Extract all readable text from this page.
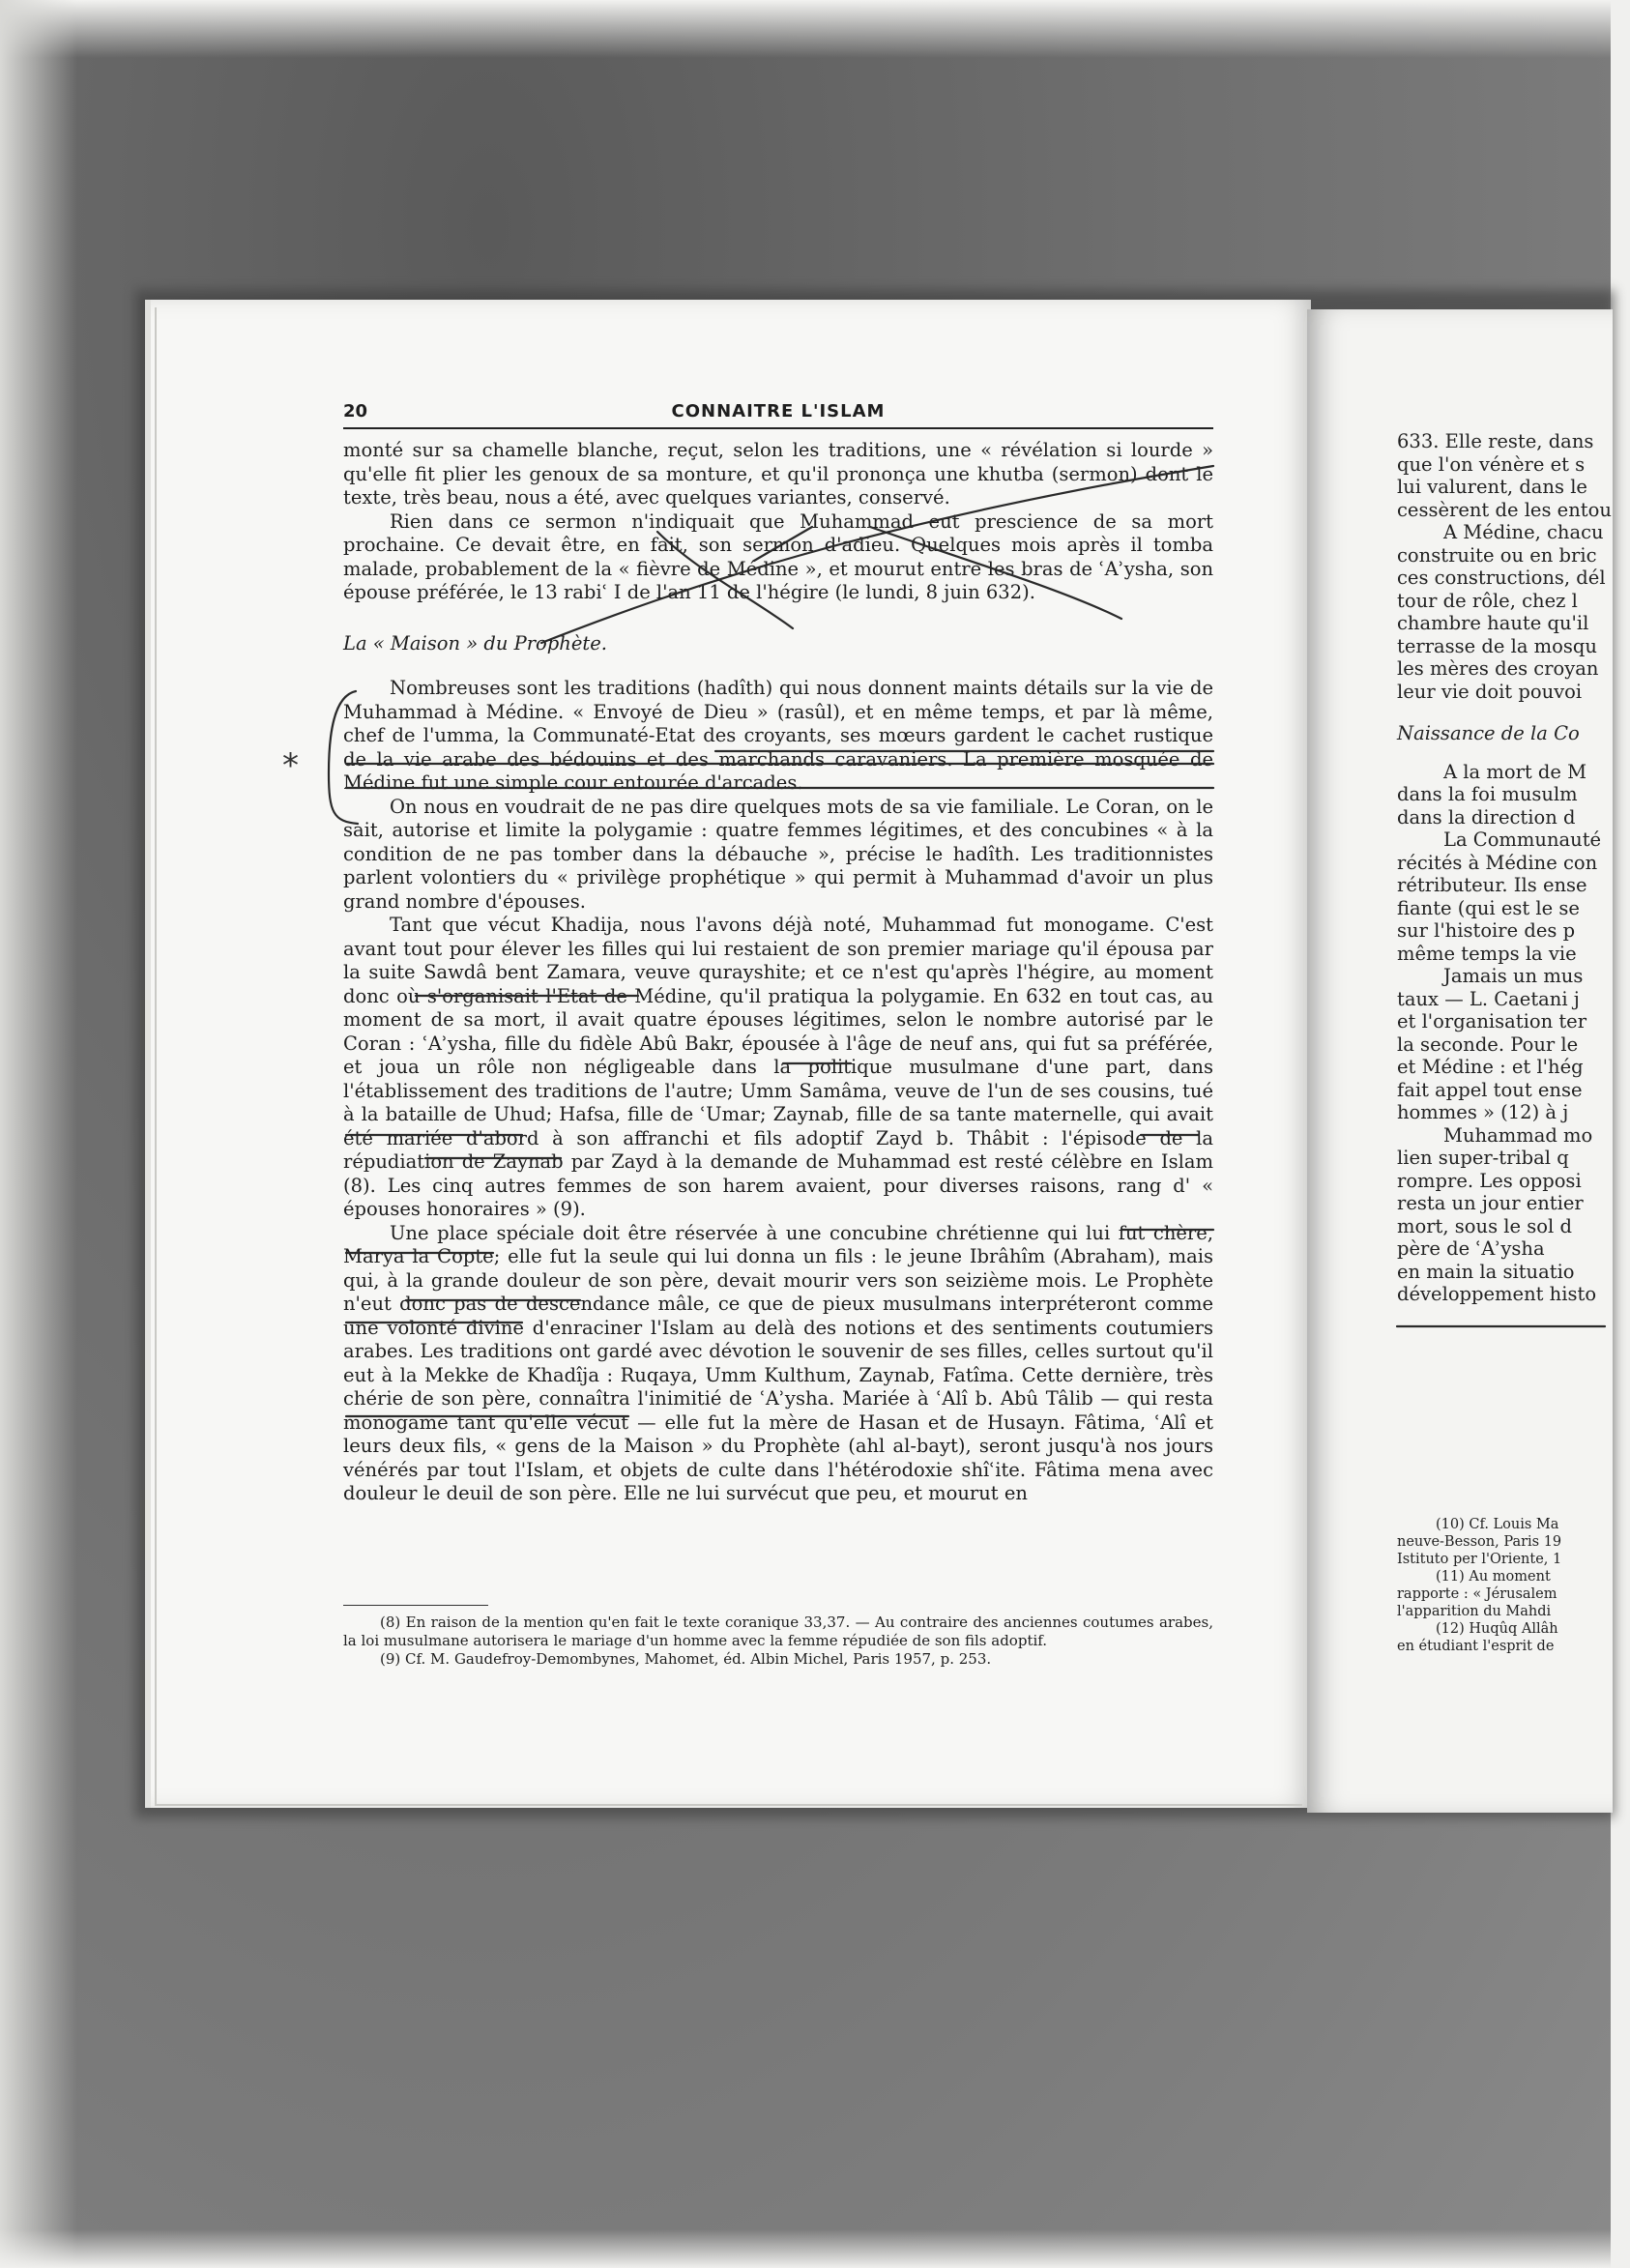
20	CONNAITRE L'ISLAM

monté sur sa chamelle blanche, reçut, selon les traditions, une « révélation si lourde » qu'elle fit plier les genoux de sa monture, et qu'il prononça une khutba (sermon) dont le texte, très beau, nous a été, avec quelques variantes, conservé.

Rien dans ce sermon n'indiquait que Muhammad eut prescience de sa mort prochaine. Ce devait être, en fait, son sermon d'adieu. Quelques mois après il tomba malade, probablement de la « fièvre de Médine », et mourut entre les bras de ʿAʾysha, son épouse préférée, le 13 rabiʿ I de l'an 11 de l'hégire (le lundi, 8 juin 632).

La « Maison » du Prophète.

Nombreuses sont les traditions (hadîth) qui nous donnent maints détails sur la vie de Muhammad à Médine. « Envoyé de Dieu » (rasûl), et en même temps, et par là même, chef de l'umma, la Communaté-Etat des croyants, ses mœurs gardent le cachet rustique de la vie arabe des bédouins et des marchands caravaniers. La première mosquée de Médine fut une simple cour entourée d'arcades.

On nous en voudrait de ne pas dire quelques mots de sa vie familiale. Le Coran, on le sait, autorise et limite la polygamie : quatre femmes légitimes, et des concubines « à la condition de ne pas tomber dans la débauche », précise le hadîth. Les traditionnistes parlent volontiers du « privilège prophétique » qui permit à Muhammad d'avoir un plus grand nombre d'épouses.

Tant que vécut Khadija, nous l'avons déjà noté, Muhammad fut monogame. C'est avant tout pour élever les filles qui lui restaient de son premier mariage qu'il épousa par la suite Sawdâ bent Zamara, veuve qurayshite; et ce n'est qu'après l'hégire, au moment donc où s'organisait l'Etat de Médine, qu'il pratiqua la polygamie. En 632 en tout cas, au moment de sa mort, il avait quatre épouses légitimes, selon le nombre autorisé par le Coran : ʿAʾysha, fille du fidèle Abû Bakr, épousée à l'âge de neuf ans, qui fut sa préférée, et joua un rôle non négligeable dans la politique musulmane d'une part, dans l'établissement des traditions de l'autre; Umm Samâma, veuve de l'un de ses cousins, tué à la bataille de Uhud; Hafsa, fille de ʿUmar; Zaynab, fille de sa tante maternelle, qui avait été mariée d'abord à son affranchi et fils adoptif Zayd b. Thâbit : l'épisode de la répudiation de Zaynab par Zayd à la demande de Muhammad est resté célèbre en Islam (8). Les cinq autres femmes de son harem avaient, pour diverses raisons, rang d' « épouses honoraires » (9).

Une place spéciale doit être réservée à une concubine chrétienne qui lui fut chère, Marya la Copte; elle fut la seule qui lui donna un fils : le jeune Ibrâhîm (Abraham), mais qui, à la grande douleur de son père, devait mourir vers son seizième mois. Le Prophète n'eut donc pas de descendance mâle, ce que de pieux musulmans interpréteront comme une volonté divine d'enraciner l'Islam au delà des notions et des sentiments coutumiers arabes. Les traditions ont gardé avec dévotion le souvenir de ses filles, celles surtout qu'il eut à la Mekke de Khadîja : Ruqaya, Umm Kulthum, Zaynab, Fatîma. Cette dernière, très chérie de son père, connaîtra l'inimitié de ʿAʾysha. Mariée à ʿAlî b. Abû Tâlib — qui resta monogame tant qu'elle vécut — elle fut la mère de Hasan et de Husayn. Fâtima, ʿAlî et leurs deux fils, « gens de la Maison » du Prophète (ahl al-bayt), seront jusqu'à nos jours vénérés par tout l'Islam, et objets de culte dans l'hétérodoxie shîʿite. Fâtima mena avec douleur le deuil de son père. Elle ne lui survécut que peu, et mourut en

(8) En raison de la mention qu'en fait le texte coranique 33,37. — Au contraire des anciennes coutumes arabes, la loi musulmane autorisera le mariage d'un homme avec la femme répudiée de son fils adoptif.

(9) Cf. M. Gaudefroy-Demombynes, Mahomet, éd. Albin Michel, Paris 1957, p. 253.

633. Elle reste, dans

que l'on vénère et s

lui valurent, dans le

cessèrent de les entou

A Médine, chacu

construite ou en bric

ces constructions, dél

tour de rôle, chez l

chambre haute qu'il

terrasse de la mosqu

les mères des croyan

leur vie doit pouvoi

Naissance de la Co

A la mort de M

dans la foi musulm

dans la direction d

La Communauté

récités à Médine con

rétributeur. Ils ense

fiante (qui est le se

sur l'histoire des p

même temps la vie

Jamais un mus

taux — L. Caetani j

et l'organisation ter

la seconde. Pour le

et Médine : et l'hég

fait appel tout ense

hommes » (12) à j

Muhammad mo

lien super-tribal q

rompre. Les opposi

resta un jour entier

mort, sous le sol d

père de ʿAʾysha

en main la situatio

développement histo

(10) Cf. Louis Ma

neuve-Besson, Paris 19

Istituto per l'Oriente, 1

(11) Au moment

rapporte : « Jérusalem

l'apparition du Mahdi

(12) Huqûq Allâh

en étudiant l'esprit de

*
